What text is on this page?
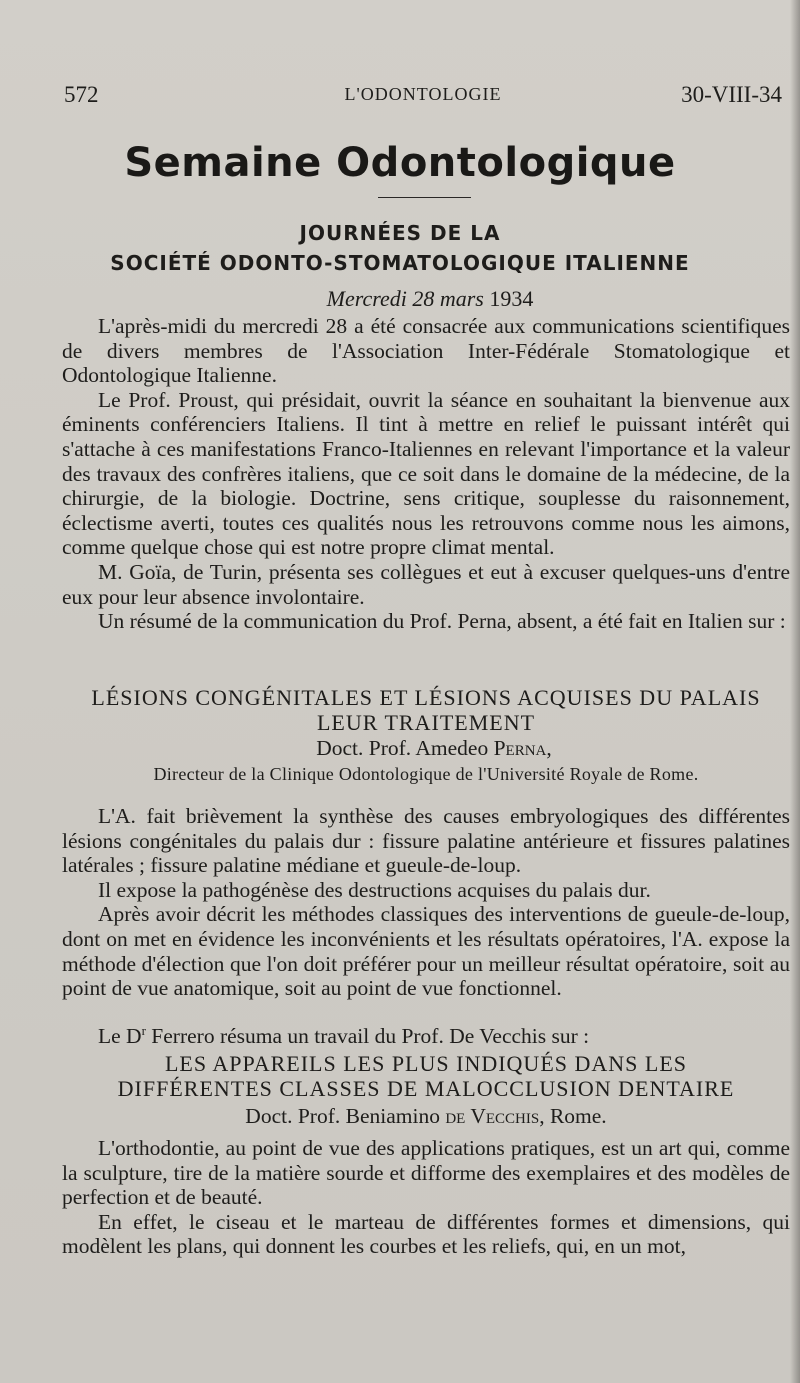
572	L'ODONTOLOGIE	30-VIII-34
Semaine Odontologique
JOURNÉES DE LA
SOCIÉTÉ ODONTO-STOMATOLOGIQUE ITALIENNE
Mercredi 28 mars 1934

L'après-midi du mercredi 28 a été consacrée aux communications scientifiques de divers membres de l'Association Inter-Fédérale Stomatologique et Odontologique Italienne.

Le Prof. Proust, qui présidait, ouvrit la séance en souhaitant la bienvenue aux éminents conférenciers Italiens. Il tint à mettre en relief le puissant intérêt qui s'attache à ces manifestations Franco-Italiennes en relevant l'importance et la valeur des travaux des confrères italiens, que ce soit dans le domaine de la médecine, de la chirurgie, de la biologie. Doctrine, sens critique, souplesse du raisonnement, éclectisme averti, toutes ces qualités nous les retrouvons comme nous les aimons, comme quelque chose qui est notre propre climat mental.

M. Goïa, de Turin, présenta ses collègues et eut à excuser quelques-uns d'entre eux pour leur absence involontaire.

Un résumé de la communication du Prof. Perna, absent, a été fait en Italien sur :

LÉSIONS CONGÉNITALES ET LÉSIONS ACQUISES DU PALAIS
LEUR TRAITEMENT
Doct. Prof. Amedeo Perna,
Directeur de la Clinique Odontologique de l'Université Royale de Rome.

L'A. fait brièvement la synthèse des causes embryologiques des différentes lésions congénitales du palais dur : fissure palatine antérieure et fissures palatines latérales ; fissure palatine médiane et gueule-de-loup.

Il expose la pathogénèse des destructions acquises du palais dur.

Après avoir décrit les méthodes classiques des interventions de gueule-de-loup, dont on met en évidence les inconvénients et les résultats opératoires, l'A. expose la méthode d'élection que l'on doit préférer pour un meilleur résultat opératoire, soit au point de vue anatomique, soit au point de vue fonctionnel.

Le $D^r$ Ferrero résuma un travail du Prof. De Vecchis sur :
LES APPAREILS LES PLUS INDIQUÉS DANS LES
DIFFÉRENTES CLASSES DE MALOCCLUSION DENTAIRE
Doct. Prof. Beniamino de Vecchis, Rome.

L'orthodontie, au point de vue des applications pratiques, est un art qui, comme la sculpture, tire de la matière sourde et difforme des exemplaires et des modèles de perfection et de beauté.

En effet, le ciseau et le marteau de différentes formes et dimensions, qui modèlent les plans, qui donnent les courbes et les reliefs, qui, en un mot,
